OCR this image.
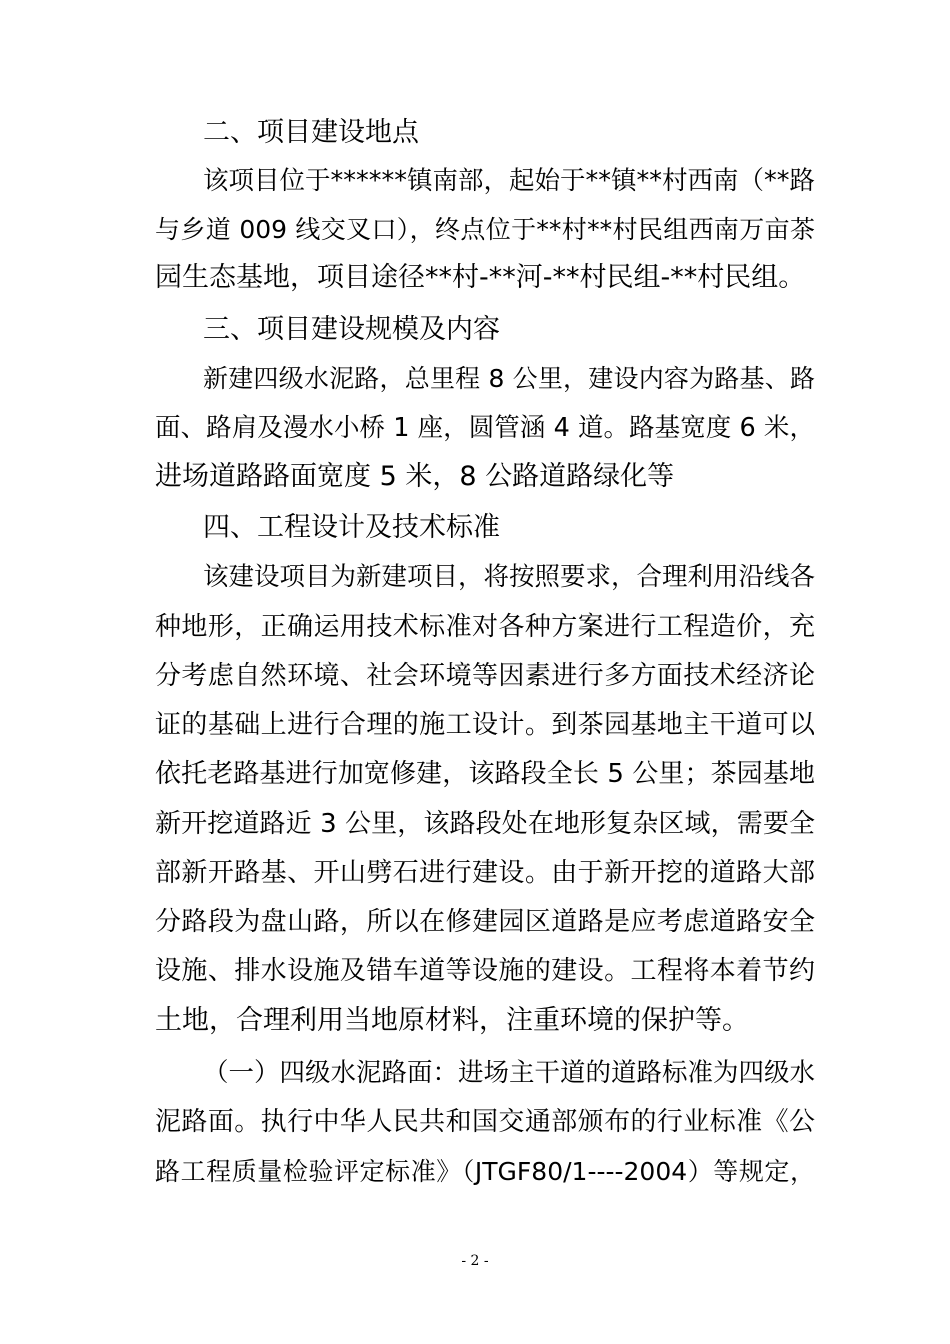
二、项目建设地点
该项目位于******镇南部，起始于**镇**村西南（**路
与乡道 009 线交叉口），终点位于**村**村民组西南万亩茶
园生态基地，项目途径**村-**河-**村民组-**村民组。
三、项目建设规模及内容
新建四级水泥路，总里程 8 公里，建设内容为路基、路
面、路肩及漫水小桥 1 座，圆管涵 4 道。路基宽度 6 米，
进场道路路面宽度 5 米，8 公路道路绿化等
四、工程设计及技术标准
该建设项目为新建项目，将按照要求，合理利用沿线各
种地形，正确运用技术标准对各种方案进行工程造价，充
分考虑自然环境、社会环境等因素进行多方面技术经济论
证的基础上进行合理的施工设计。到茶园基地主干道可以
依托老路基进行加宽修建，该路段全长 5 公里；茶园基地
新开挖道路近 3 公里，该路段处在地形复杂区域，需要全
部新开路基、开山劈石进行建设。由于新开挖的道路大部
分路段为盘山路，所以在修建园区道路是应考虑道路安全
设施、排水设施及错车道等设施的建设。工程将本着节约
土地，合理利用当地原材料，注重环境的保护等。
（一）四级水泥路面：进场主干道的道路标准为四级水
泥路面。执行中华人民共和国交通部颁布的行业标准《公
路工程质量检验评定标准》（JTGF80/1----2004）等规定，
- 2 -
